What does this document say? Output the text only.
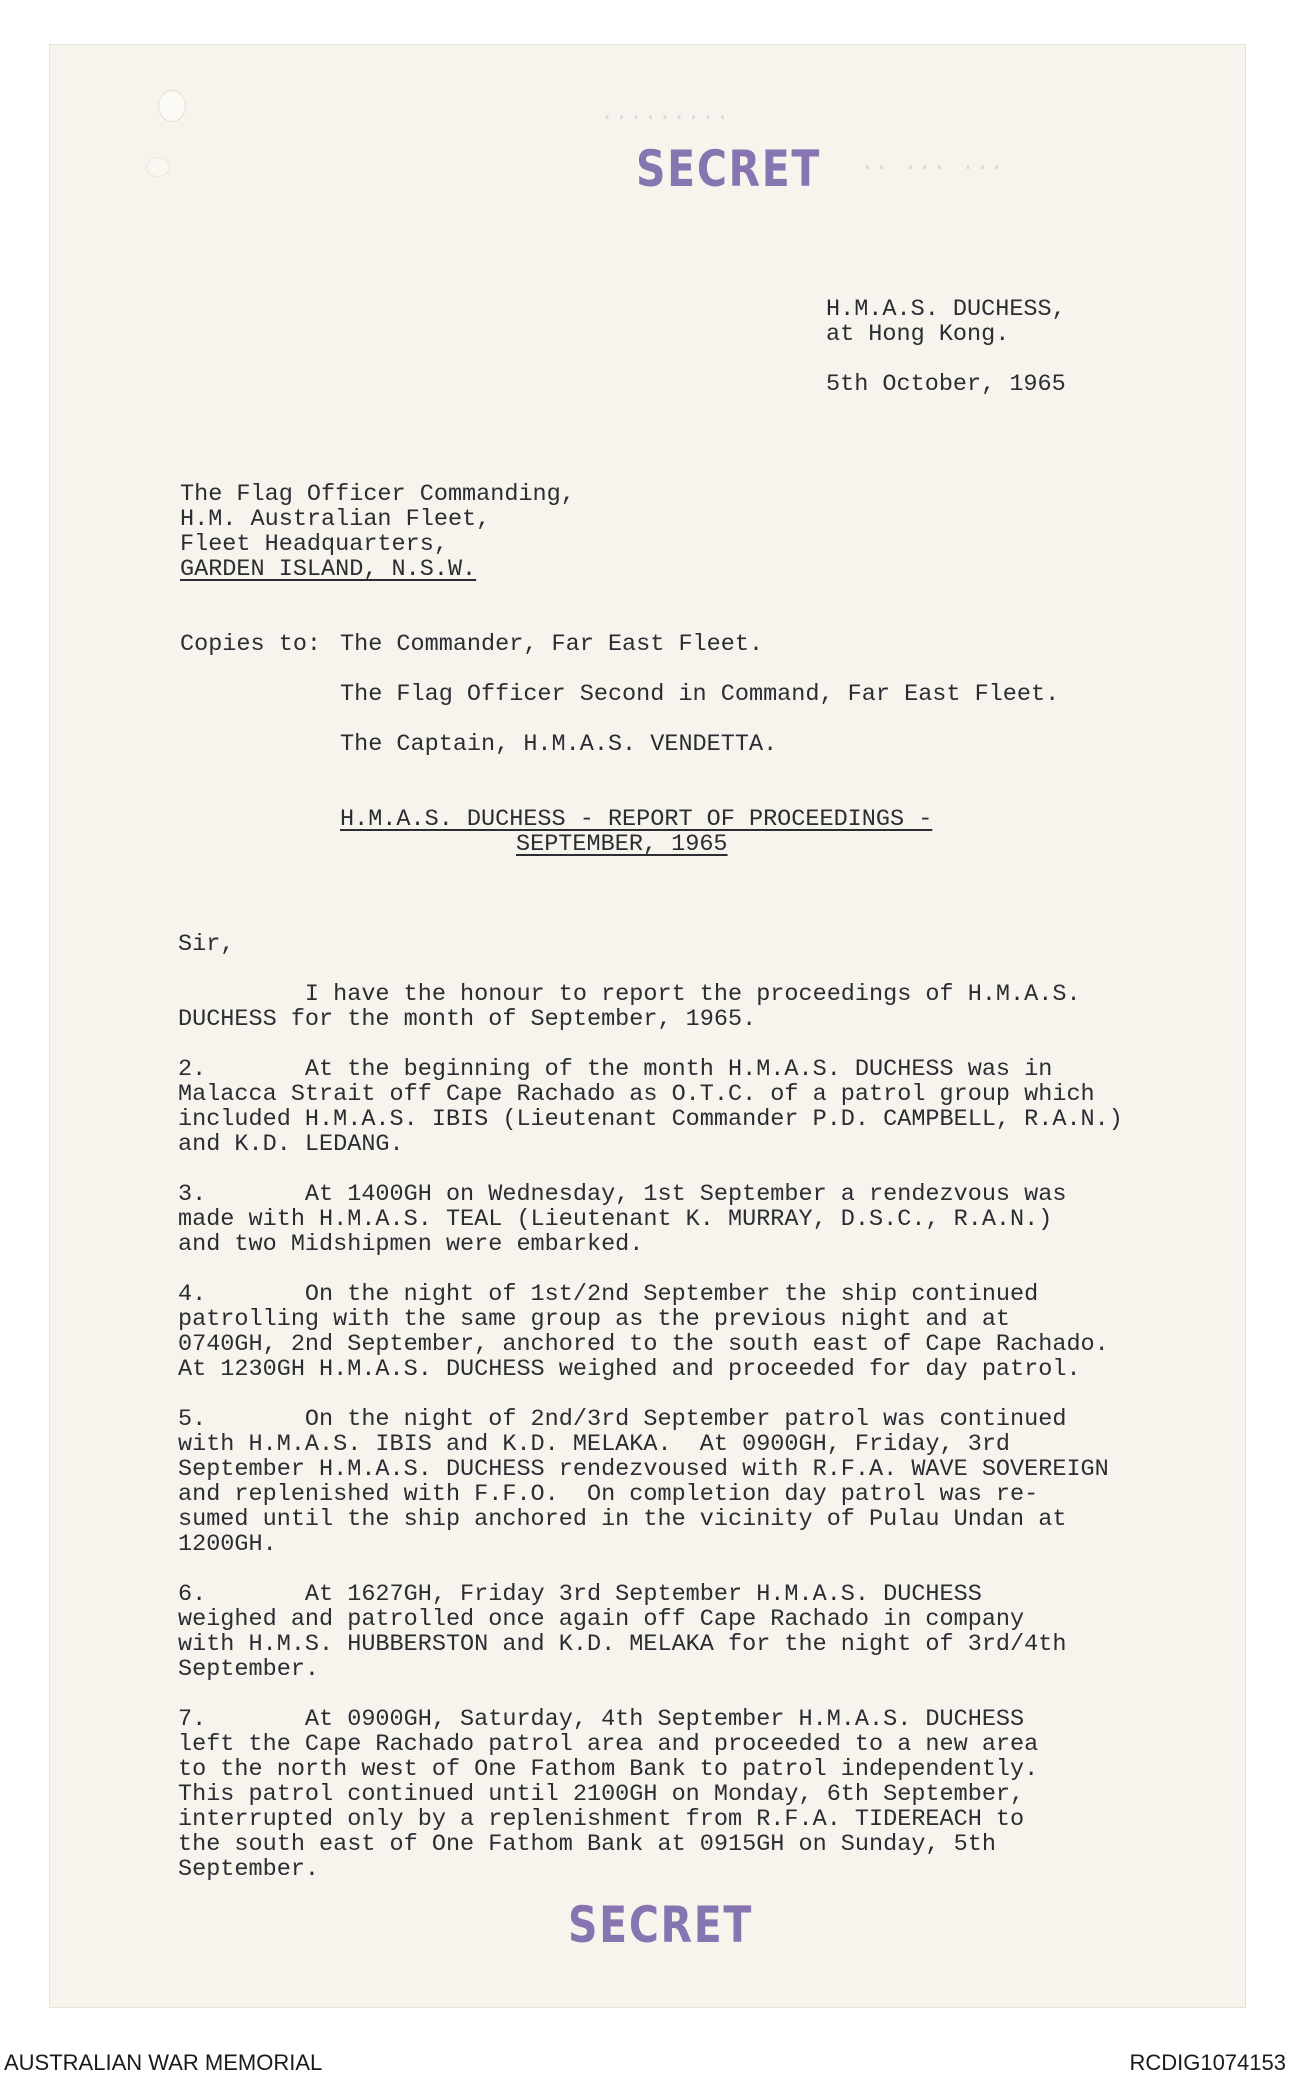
.........
.. ... ...
SECRET

H.M.A.S. DUCHESS,

at Hong Kong.

5th October, 1965

The Flag Officer Commanding,

H.M. Australian Fleet,

Fleet Headquarters,

GARDEN ISLAND, N.S.W.

Copies to: The Commander, Far East Fleet.

The Flag Officer Second in Command, Far East Fleet.

The Captain, H.M.A.S. VENDETTA.

H.M.A.S. DUCHESS - REPORT OF PROCEEDINGS -

SEPTEMBER, 1965

Sir,

I have the honour to report the proceedings of H.M.A.S.
DUCHESS for the month of September, 1965.

2.       At the beginning of the month H.M.A.S. DUCHESS was in
Malacca Strait off Cape Rachado as O.T.C. of a patrol group which
included H.M.A.S. IBIS (Lieutenant Commander P.D. CAMPBELL, R.A.N.)
and K.D. LEDANG.

3.       At 1400GH on Wednesday, 1st September a rendezvous was
made with H.M.A.S. TEAL (Lieutenant K. MURRAY, D.S.C., R.A.N.)
and two Midshipmen were embarked.

4.       On the night of 1st/2nd September the ship continued
patrolling with the same group as the previous night and at
0740GH, 2nd September, anchored to the south east of Cape Rachado.
At 1230GH H.M.A.S. DUCHESS weighed and proceeded for day patrol.

5.       On the night of 2nd/3rd September patrol was continued
with H.M.A.S. IBIS and K.D. MELAKA.  At 0900GH, Friday, 3rd
September H.M.A.S. DUCHESS rendezvoused with R.F.A. WAVE SOVEREIGN
and replenished with F.F.O.  On completion day patrol was re-
sumed until the ship anchored in the vicinity of Pulau Undan at
1200GH.

6.       At 1627GH, Friday 3rd September H.M.A.S. DUCHESS
weighed and patrolled once again off Cape Rachado in company
with H.M.S. HUBBERSTON and K.D. MELAKA for the night of 3rd/4th
September.

7.       At 0900GH, Saturday, 4th September H.M.A.S. DUCHESS
left the Cape Rachado patrol area and proceeded to a new area
to the north west of One Fathom Bank to patrol independently.
This patrol continued until 2100GH on Monday, 6th September,
interrupted only by a replenishment from R.F.A. TIDEREACH to
the south east of One Fathom Bank at 0915GH on Sunday, 5th
September.

SECRET
AUSTRALIAN WAR MEMORIAL	RCDIG1074153
